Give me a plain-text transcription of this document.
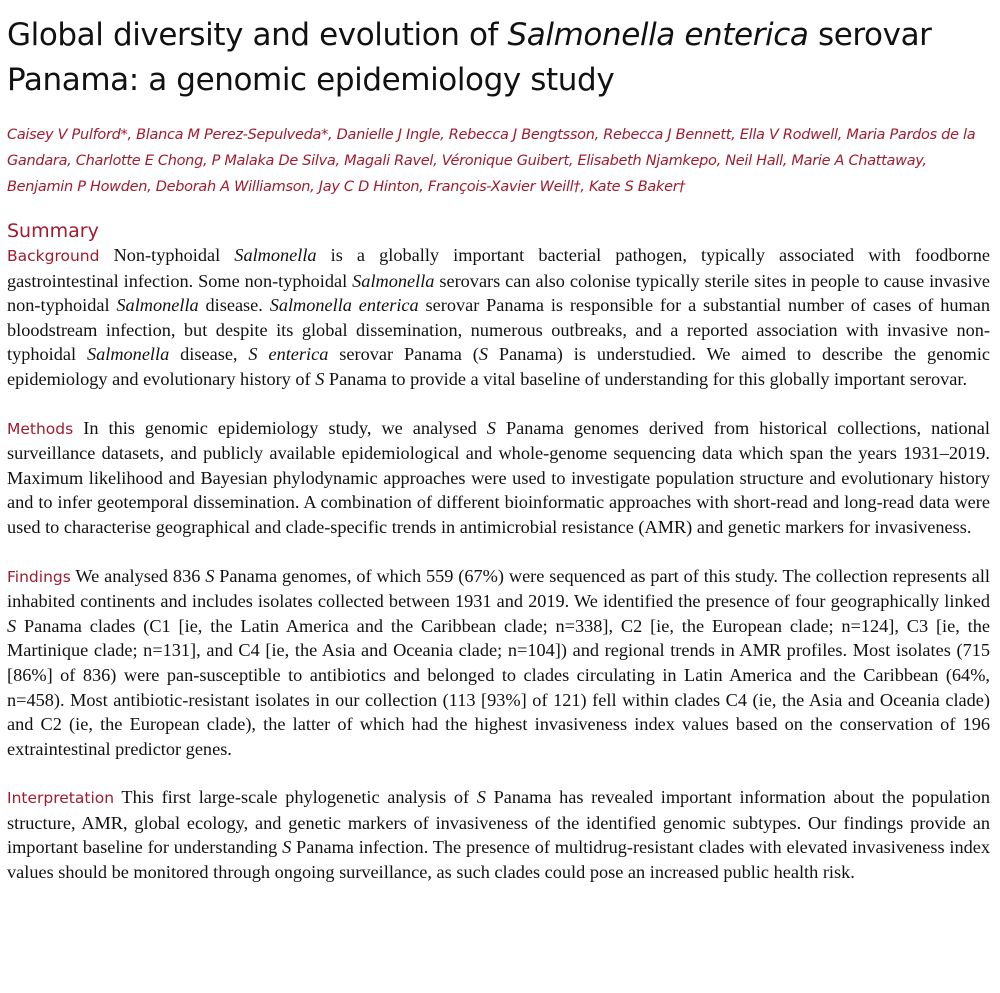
Global diversity and evolution of Salmonella enterica serovar Panama: a genomic epidemiology study

Caisey V Pulford*, Blanca M Perez-Sepulveda*, Danielle J Ingle, Rebecca J Bengtsson, Rebecca J Bennett, Ella V Rodwell, Maria Pardos de la Gandara, Charlotte E Chong, P Malaka De Silva, Magali Ravel, Véronique Guibert, Elisabeth Njamkepo, Neil Hall, Marie A Chattaway, Benjamin P Howden, Deborah A Williamson, Jay C D Hinton, François-Xavier Weill†, Kate S Baker†

Summary

Background Non-typhoidal Salmonella is a globally important bacterial pathogen, typically associated with foodborne gastrointestinal infection. Some non-typhoidal Salmonella serovars can also colonise typically sterile sites in people to cause invasive non-typhoidal Salmonella disease. Salmonella enterica serovar Panama is responsible for a substantial number of cases of human bloodstream infection, but despite its global dissemination, numerous outbreaks, and a reported association with invasive non-typhoidal Salmonella disease, S enterica serovar Panama (S Panama) is understudied. We aimed to describe the genomic epidemiology and evolutionary history of S Panama to provide a vital baseline of understanding for this globally important serovar.

Methods In this genomic epidemiology study, we analysed S Panama genomes derived from historical collections, national surveillance datasets, and publicly available epidemiological and whole-genome sequencing data which span the years 1931–2019. Maximum likelihood and Bayesian phylodynamic approaches were used to investigate population structure and evolutionary history and to infer geotemporal dissemination. A combination of different bioinformatic approaches with short-read and long-read data were used to characterise geographical and clade-specific trends in antimicrobial resistance (AMR) and genetic markers for invasiveness.

Findings We analysed 836 S Panama genomes, of which 559 (67%) were sequenced as part of this study. The collection represents all inhabited continents and includes isolates collected between 1931 and 2019. We identified the presence of four geographically linked S Panama clades (C1 [ie, the Latin America and the Caribbean clade; n=338], C2 [ie, the European clade; n=124], C3 [ie, the Martinique clade; n=131], and C4 [ie, the Asia and Oceania clade; n=104]) and regional trends in AMR profiles. Most isolates (715 [86%] of 836) were pan-susceptible to antibiotics and belonged to clades circulating in Latin America and the Caribbean (64%, n=458). Most antibiotic-resistant isolates in our collection (113 [93%] of 121) fell within clades C4 (ie, the Asia and Oceania clade) and C2 (ie, the European clade), the latter of which had the highest invasiveness index values based on the conservation of 196 extraintestinal predictor genes.

Interpretation This first large-scale phylogenetic analysis of S Panama has revealed important information about the population structure, AMR, global ecology, and genetic markers of invasiveness of the identified genomic subtypes. Our findings provide an important baseline for understanding S Panama infection. The presence of multidrug-resistant clades with elevated invasiveness index values should be monitored through ongoing surveillance, as such clades could pose an increased public health risk.
